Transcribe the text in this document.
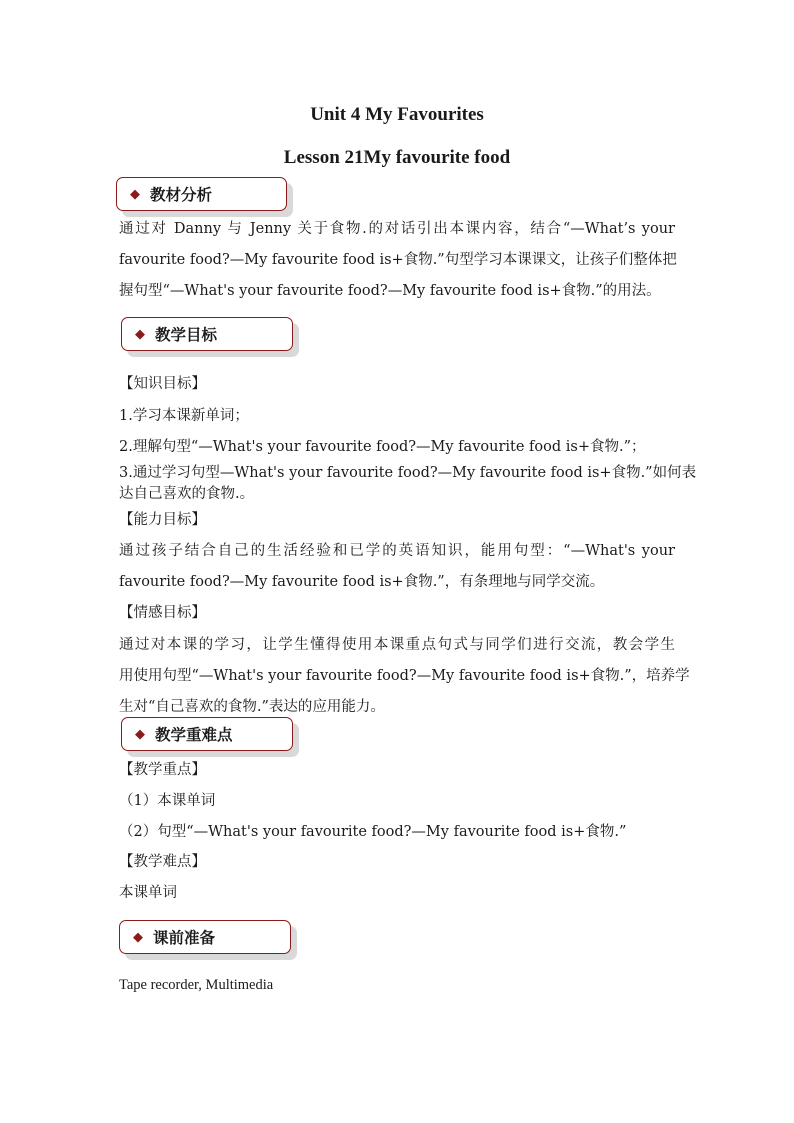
Unit 4 My Favourites
Lesson 21My favourite food
◆ 教材分析
通过对 Danny 与 Jenny 关于食物.的对话引出本课内容，结合“—What’s your
favourite food?—My favourite food is+食物.”句型学习本课课文，让孩子们整体把
握句型“—What's your favourite food?—My favourite food is+食物.”的用法。
◆ 教学目标
【知识目标】
1.学习本课新单词；
2.理解句型“—What's your favourite food?—My favourite food is+食物.”；
3.通过学习句型—What's your favourite food?—My favourite food is+食物.”如何表
达自己喜欢的食物.。
【能力目标】
通过孩子结合自己的生活经验和已学的英语知识，能用句型：“—What's your
favourite food?—My favourite food is+食物.”，有条理地与同学交流。
【情感目标】
通过对本课的学习，让学生懂得使用本课重点句式与同学们进行交流，教会学生
用使用句型“—What's your favourite food?—My favourite food is+食物.”，培养学
生对“自己喜欢的食物.”表达的应用能力。
◆ 教学重难点
【教学重点】
（1）本课单词
（2）句型“—What's your favourite food?—My favourite food is+食物.”
【教学难点】
本课单词
◆ 课前准备
Tape recorder, Multimedia
